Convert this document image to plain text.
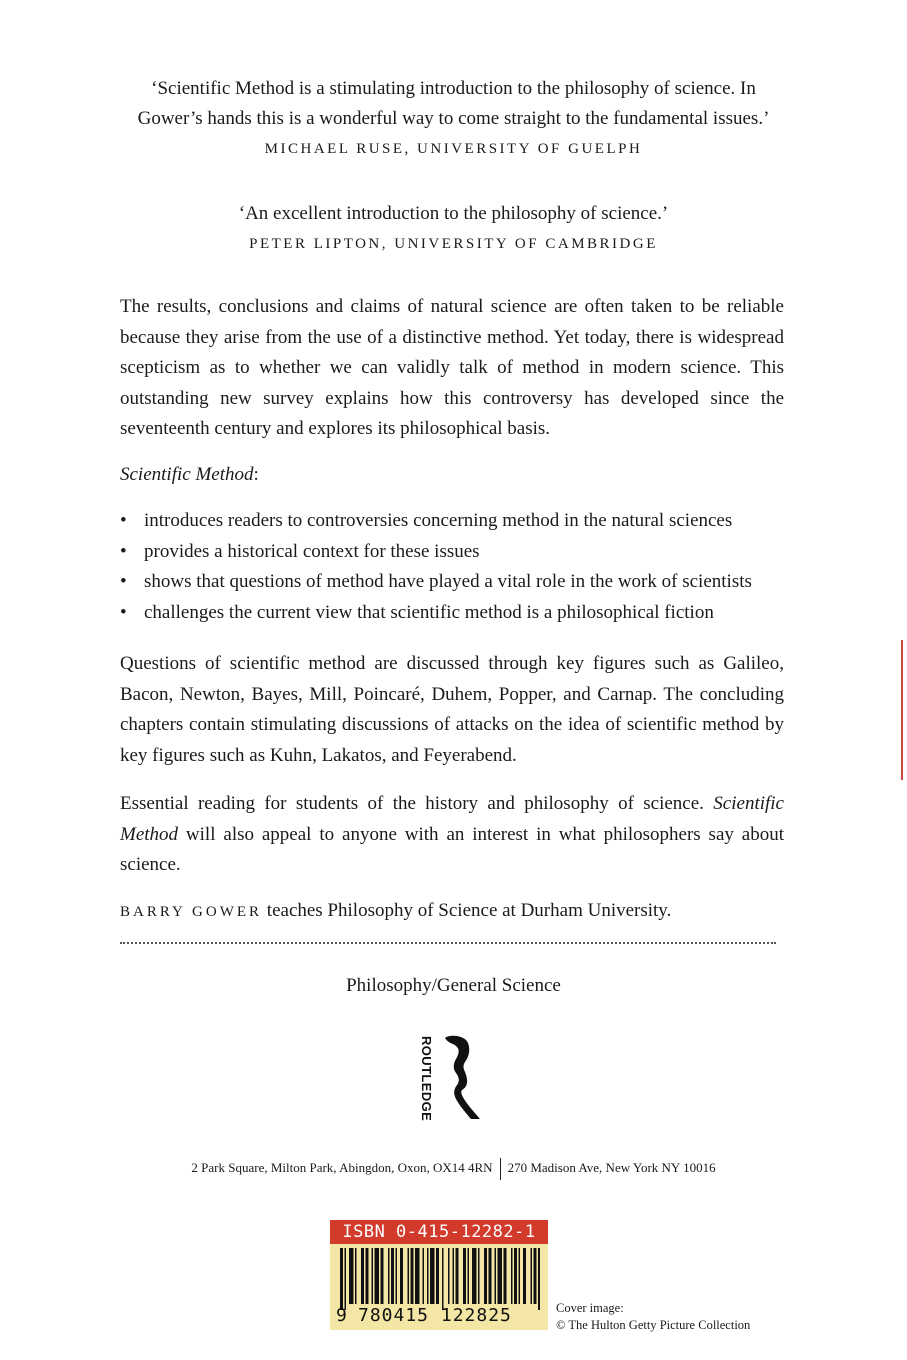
‘Scientific Method is a stimulating introduction to the philosophy of science. In
Gower’s hands this is a wonderful way to come straight to the fundamental issues.’
MICHAEL RUSE, UNIVERSITY OF GUELPH
‘An excellent introduction to the philosophy of science.’
PETER LIPTON, UNIVERSITY OF CAMBRIDGE

The results, conclusions and claims of natural science are often taken to be reliable because they arise from the use of a distinctive method. Yet today, there is widespread scepticism as to whether we can validly talk of method in modern science. This outstanding new survey explains how this controversy has developed since the seventeenth century and explores its philosophical basis.

Scientific Method:
• introduces readers to controversies concerning method in the natural sciences
• provides a historical context for these issues
• shows that questions of method have played a vital role in the work of scientists
• challenges the current view that scientific method is a philosophical fiction

Questions of scientific method are discussed through key figures such as Galileo, Bacon, Newton, Bayes, Mill, Poincaré, Duhem, Popper, and Carnap. The concluding chapters contain stimulating discussions of attacks on the idea of scientific method by key figures such as Kuhn, Lakatos, and Feyerabend.

Essential reading for students of the history and philosophy of science. Scientific Method will also appeal to anyone with an interest in what philosophers say about science.

BARRY GOWER teaches Philosophy of Science at Durham University.
Philosophy/General Science
ROUTLEDGE
2 Park Square, Milton Park, Abingdon, Oxon, OX14 4RN 270 Madison Ave, New York NY 10016
ISBN 0-415-12282-1
9 780415 122825	Cover image:
© The Hulton Getty Picture Collection
